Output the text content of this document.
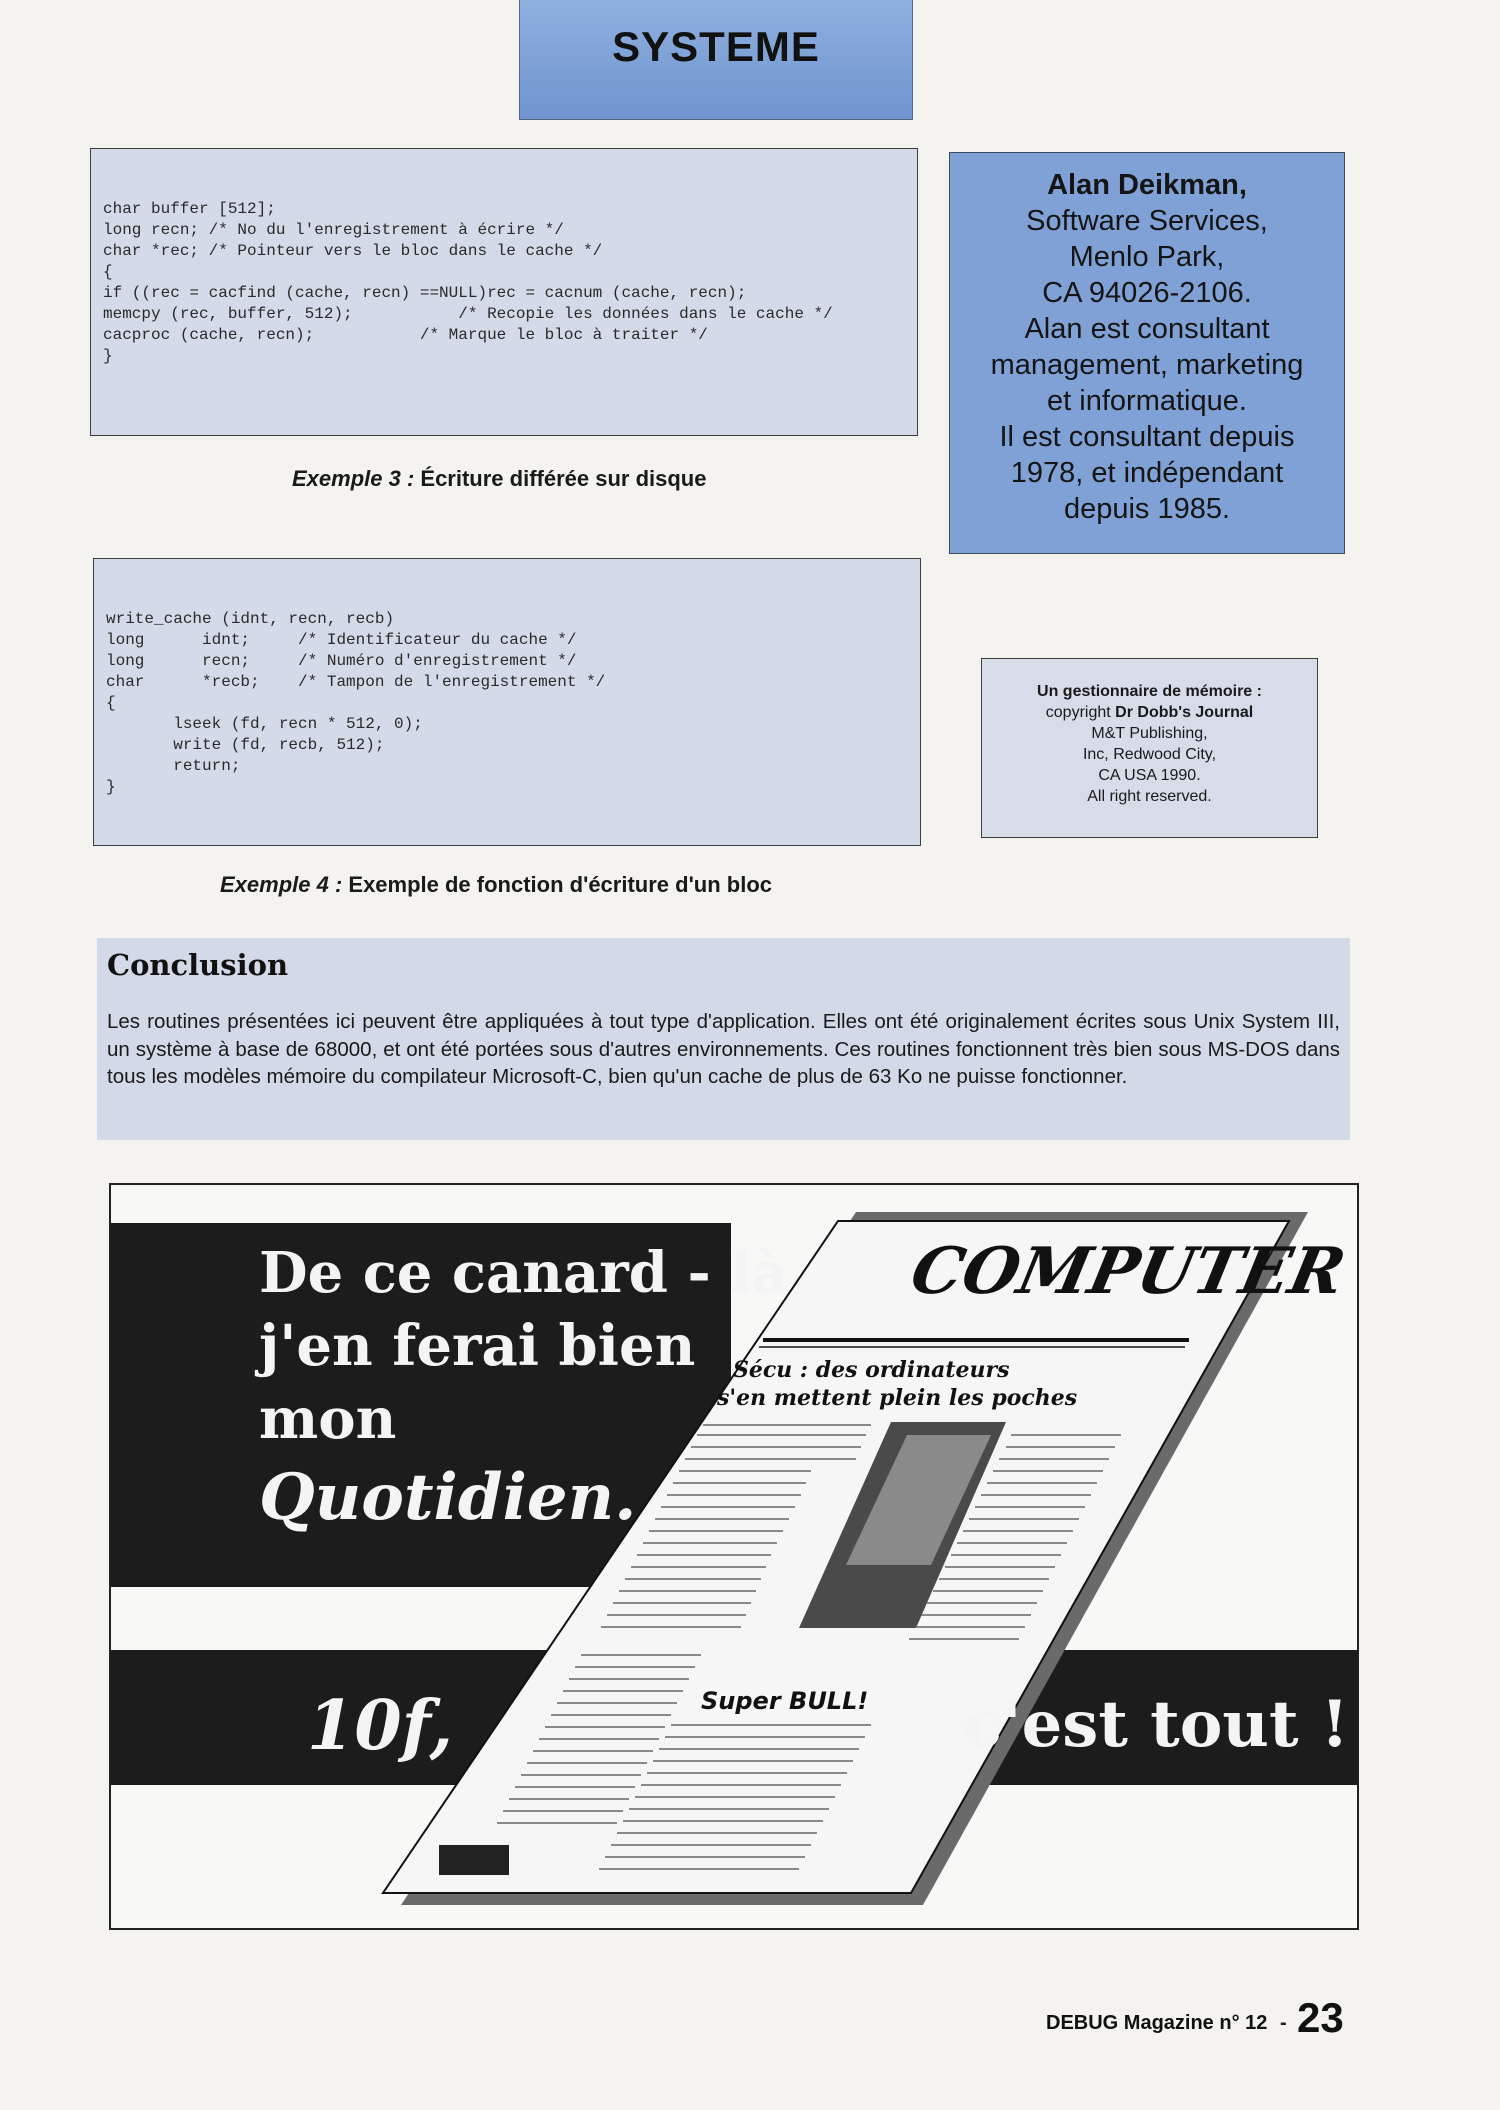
SYSTEME
char buffer [512];
long recn; /* No du l'enregistrement à écrire */
char *rec; /* Pointeur vers le bloc dans le cache */
{
if ((rec = cacfind (cache, recn) ==NULL)rec = cacnum (cache, recn);
memcpy (rec, buffer, 512);           /* Recopie les données dans le cache */
cacproc (cache, recn);           /* Marque le bloc à traiter */
}
Exemple 3 : Écriture différée sur disque
Alan Deikman,
Software Services,
Menlo Park,
CA 94026-2106.
Alan est consultant
management, marketing
et informatique.
Il est consultant depuis
1978, et indépendant
depuis 1985.
write_cache (idnt, recn, recb)
long      idnt;     /* Identificateur du cache */
long      recn;     /* Numéro d'enregistrement */
char      *recb;    /* Tampon de l'enregistrement */
{
lseek (fd, recn * 512, 0);
write (fd, recb, 512);
return;
}
Exemple 4 : Exemple de fonction d'écriture d'un bloc
Un gestionnaire de mémoire :
copyright Dr Dobb's Journal
M&T Publishing,
Inc, Redwood City,
CA USA 1990.
All right reserved.
Conclusion

Les routines présentées ici peuvent être appliquées à tout type d'application. Elles ont été originalement écrites sous Unix System III, un système à base de 68000, et ont été portées sous d'autres environnements. Ces routines fonctionnent très bien sous MS-DOS dans tous les modèles mémoire du compilateur Microsoft-C, bien qu'un cache de plus de 63 Ko ne puisse fonctionner.

COMPUTER
Sécu : des ordinateurs
s'en mettent plein les poches
Super BULL!
De ce canard - là
j'en ferai bien
mon
Quotidien.
10f,	c'est tout !
DEBUG Magazine n° 12 - 23
